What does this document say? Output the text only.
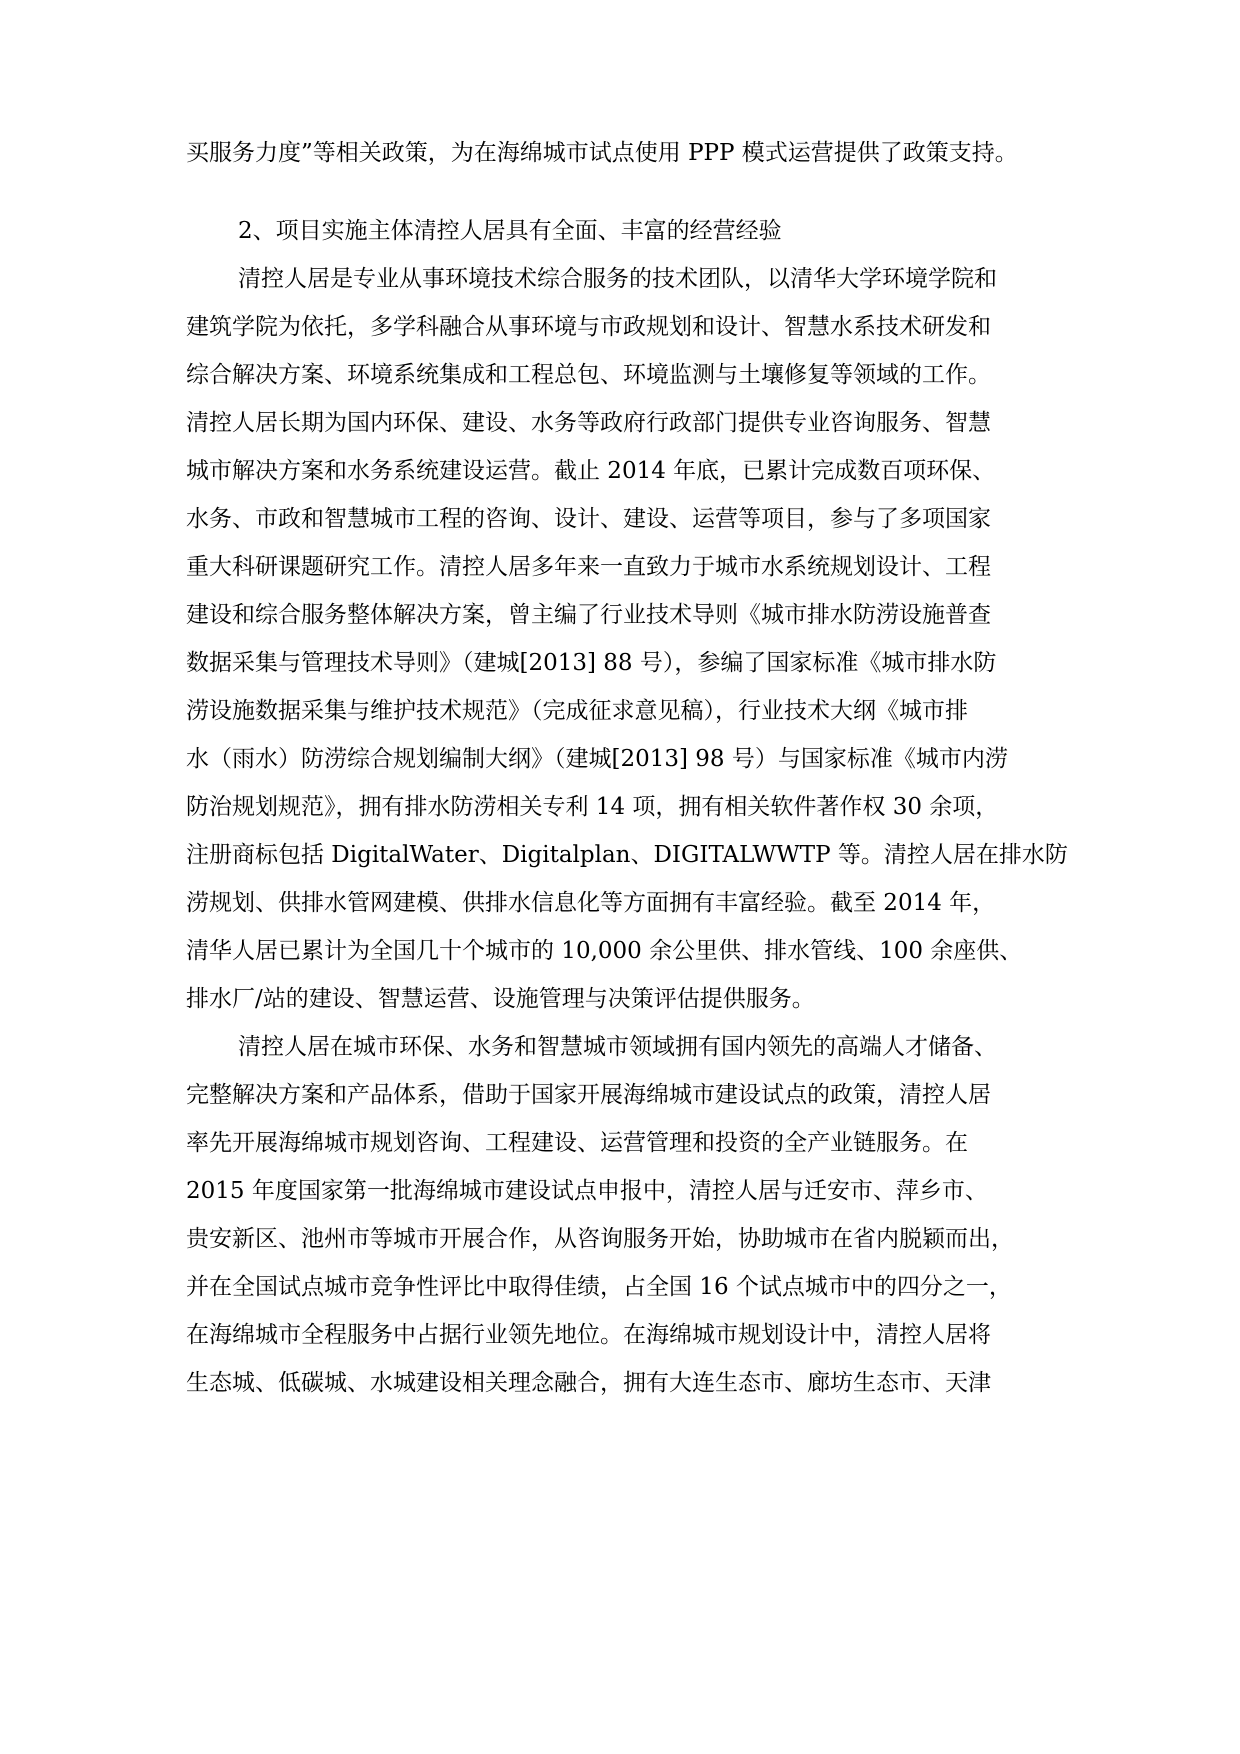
买服务力度”等相关政策，为在海绵城市试点使用 PPP 模式运营提供了政策支持。
2、项目实施主体清控人居具有全面、丰富的经营经验
清控人居是专业从事环境技术综合服务的技术团队，以清华大学环境学院和
建筑学院为依托，多学科融合从事环境与市政规划和设计、智慧水系技术研发和
综合解决方案、环境系统集成和工程总包、环境监测与土壤修复等领域的工作。
清控人居长期为国内环保、建设、水务等政府行政部门提供专业咨询服务、智慧
城市解决方案和水务系统建设运营。截止 2014 年底，已累计完成数百项环保、
水务、市政和智慧城市工程的咨询、设计、建设、运营等项目，参与了多项国家
重大科研课题研究工作。清控人居多年来一直致力于城市水系统规划设计、工程
建设和综合服务整体解决方案，曾主编了行业技术导则《城市排水防涝设施普查
数据采集与管理技术导则》（建城[2013] 88 号），参编了国家标准《城市排水防
涝设施数据采集与维护技术规范》（完成征求意见稿），行业技术大纲《城市排
水（雨水）防涝综合规划编制大纲》（建城[2013] 98 号）与国家标准《城市内涝
防治规划规范》，拥有排水防涝相关专利 14 项，拥有相关软件著作权 30 余项，
注册商标包括 DigitalWater、Digitalplan、DIGITALWWTP 等。清控人居在排水防
涝规划、供排水管网建模、供排水信息化等方面拥有丰富经验。截至 2014 年，
清华人居已累计为全国几十个城市的 10,000 余公里供、排水管线、100 余座供、
排水厂/站的建设、智慧运营、设施管理与决策评估提供服务。
清控人居在城市环保、水务和智慧城市领域拥有国内领先的高端人才储备、
完整解决方案和产品体系，借助于国家开展海绵城市建设试点的政策，清控人居
率先开展海绵城市规划咨询、工程建设、运营管理和投资的全产业链服务。在
2015 年度国家第一批海绵城市建设试点申报中，清控人居与迁安市、萍乡市、
贵安新区、池州市等城市开展合作，从咨询服务开始，协助城市在省内脱颖而出，
并在全国试点城市竞争性评比中取得佳绩，占全国 16 个试点城市中的四分之一，
在海绵城市全程服务中占据行业领先地位。在海绵城市规划设计中，清控人居将
生态城、低碳城、水城建设相关理念融合，拥有大连生态市、廊坊生态市、天津
